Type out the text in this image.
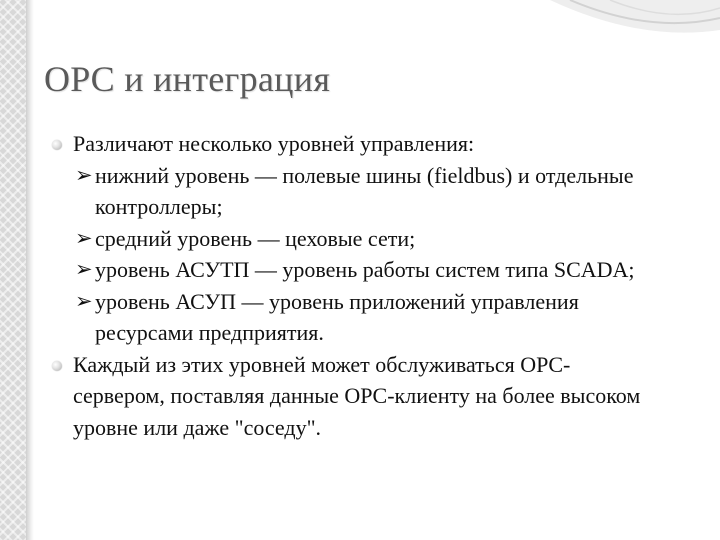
OPC и интеграция
Различают несколько уровней управления:
➢ нижний уровень — полевые шины (fieldbus) и отдельные контроллеры;
➢ средний уровень — цеховые сети;
➢ уровень АСУТП — уровень работы систем типа SCADA;
➢ уровень АСУП — уровень приложений управления ресурсами предприятия.
Каждый из этих уровней может обслуживаться OPC-сервером, поставляя данные OPC-клиенту на более высоком уровне или даже "соседу".
